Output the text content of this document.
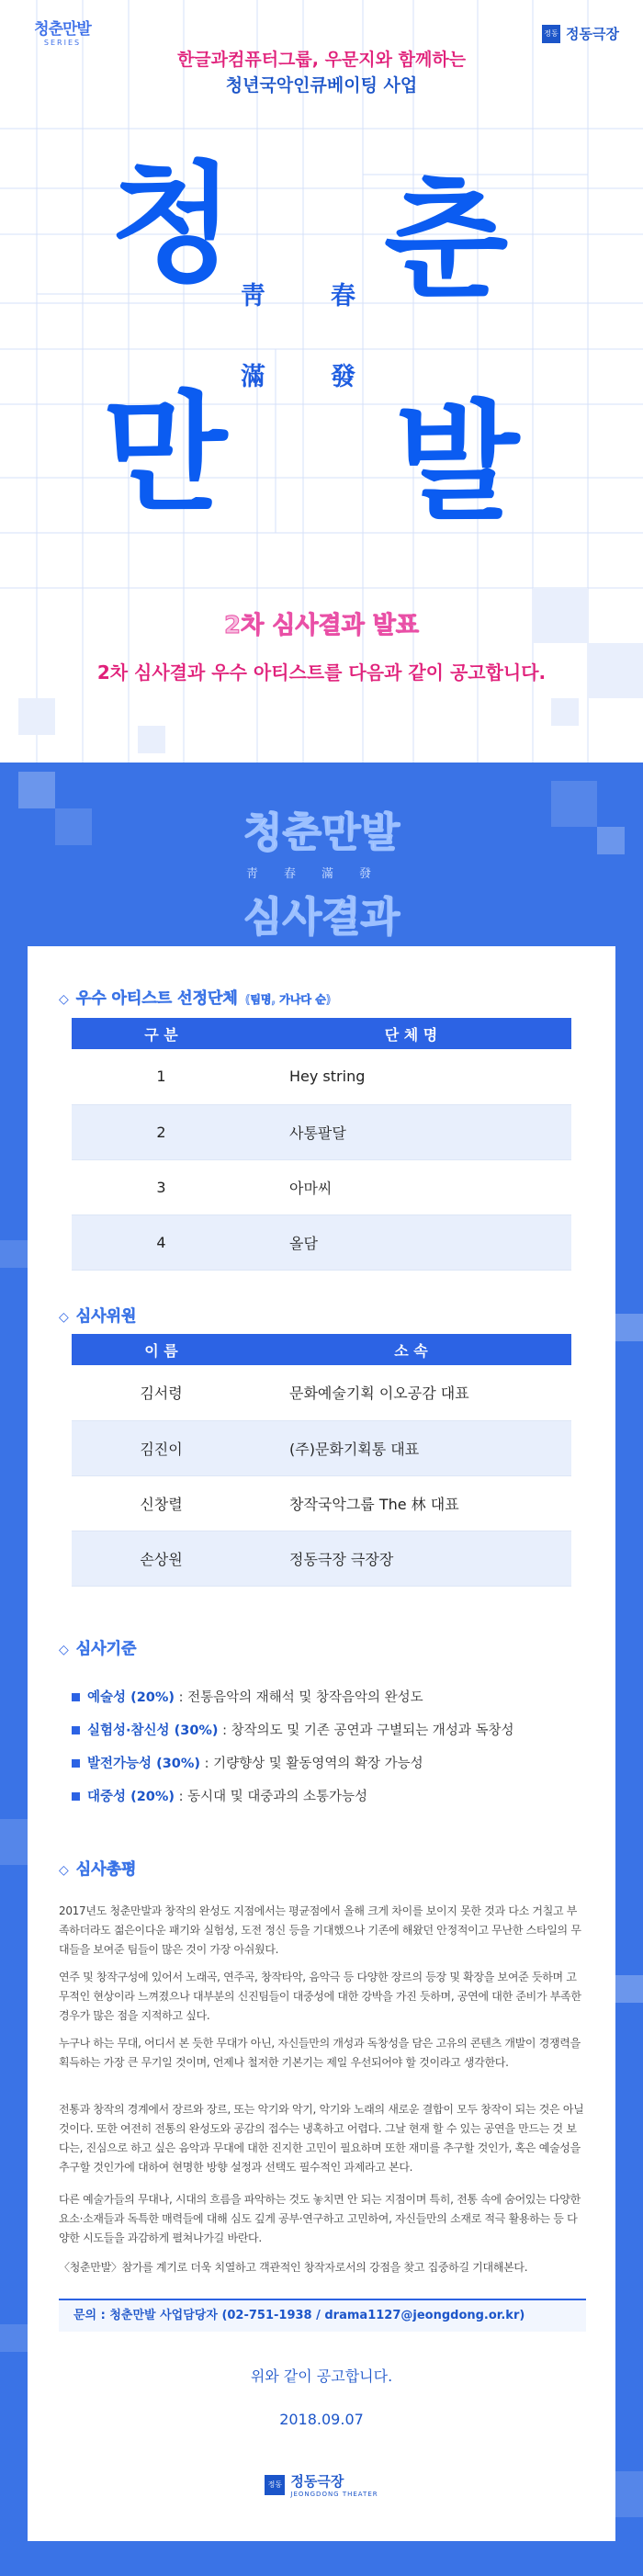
청춘만발
SERIES
정동 정동극장
한글과컴퓨터그룹, 우문지와 함께하는
청년국악인큐베이팅 사업
청 춘
만 발
靑	春
滿	發
2차 심사결과 발표
2차 심사결과 우수 아티스트를 다음과 같이 공고합니다.
청춘만발
靑春滿發
심사결과
◇ 우수 아티스트 선정단체 (팀명, 가나다 순)
구 분	단 체 명
1	Hey string
2	사통팔달
3	아마씨
4	올담
◇ 심사위원
이 름	소 속
김서령	문화예술기획 이오공감 대표
김진이	(주)문화기획통 대표
신창렬	창작국악그룹 The 林 대표
손상원	정동극장 극장장
◇ 심사기준
예술성 (20%) : 전통음악의 재해석 및 창작음악의 완성도
실험성·참신성 (30%) : 창작의도 및 기존 공연과 구별되는 개성과 독창성
발전가능성 (30%) : 기량향상 및 활동영역의 확장 가능성
대중성 (20%) : 동시대 및 대중과의 소통가능성
◇ 심사총평

2017년도 청춘만발과 창작의 완성도 지점에서는 평균점에서 올해 크게 차이를 보이지 못한 것과 다소 거칠고 부족하더라도 젊은이다운 패기와 실험성, 도전 정신 등을 기대했으나 기존에 해왔던 안정적이고 무난한 스타일의 무대들을 보여준 팀들이 많은 것이 가장 아쉬웠다.

연주 및 창작구성에 있어서 노래곡, 연주곡, 창작타악, 음악극 등 다양한 장르의 등장 및 확장을 보여준 듯하며 고무적인 현상이라 느껴졌으나 대부분의 신진팀들이 대중성에 대한 강박을 가진 듯하며, 공연에 대한 준비가 부족한 경우가 많은 점을 지적하고 싶다.

누구나 하는 무대, 어디서 본 듯한 무대가 아닌, 자신들만의 개성과 독창성을 담은 고유의 콘텐츠 개발이 경쟁력을 획득하는 가장 큰 무기일 것이며, 언제나 철저한 기본기는 제일 우선되어야 할 것이라고 생각한다.

전통과 창작의 경계에서 장르와 장르, 또는 악기와 악기, 악기와 노래의 새로운 결합이 모두 창작이 되는 것은 아닐 것이다. 또한 여전히 전통의 완성도와 공감의 접수는 냉혹하고 어렵다. 그날 현재 할 수 있는 공연을 만드는 것 보다는, 진심으로 하고 싶은 음악과 무대에 대한 진지한 고민이 필요하며 또한 재미를 추구할 것인가, 혹은 예술성을 추구할 것인가에 대하여 현명한 방향 설정과 선택도 필수적인 과제라고 본다.

다른 예술가들의 무대나, 시대의 흐름을 파악하는 것도 놓치면 안 되는 지점이며 특히, 전통 속에 숨어있는 다양한 요소·소재들과 독특한 매력들에 대해 심도 깊게 공부·연구하고 고민하여, 자신들만의 소재로 적극 활용하는 등 다양한 시도들을 과감하게 펼쳐나가길 바란다.

〈청춘만발〉참가를 계기로 더욱 치열하고 객관적인 창작자로서의 강점을 찾고 집중하길 기대해본다.

문의 : 청춘만발 사업담당자 (02-751-1938 / drama1127@jeongdong.or.kr)
위와 같이 공고합니다.
2018.09.07
정동 정동극장
JEONGDONG THEATER
